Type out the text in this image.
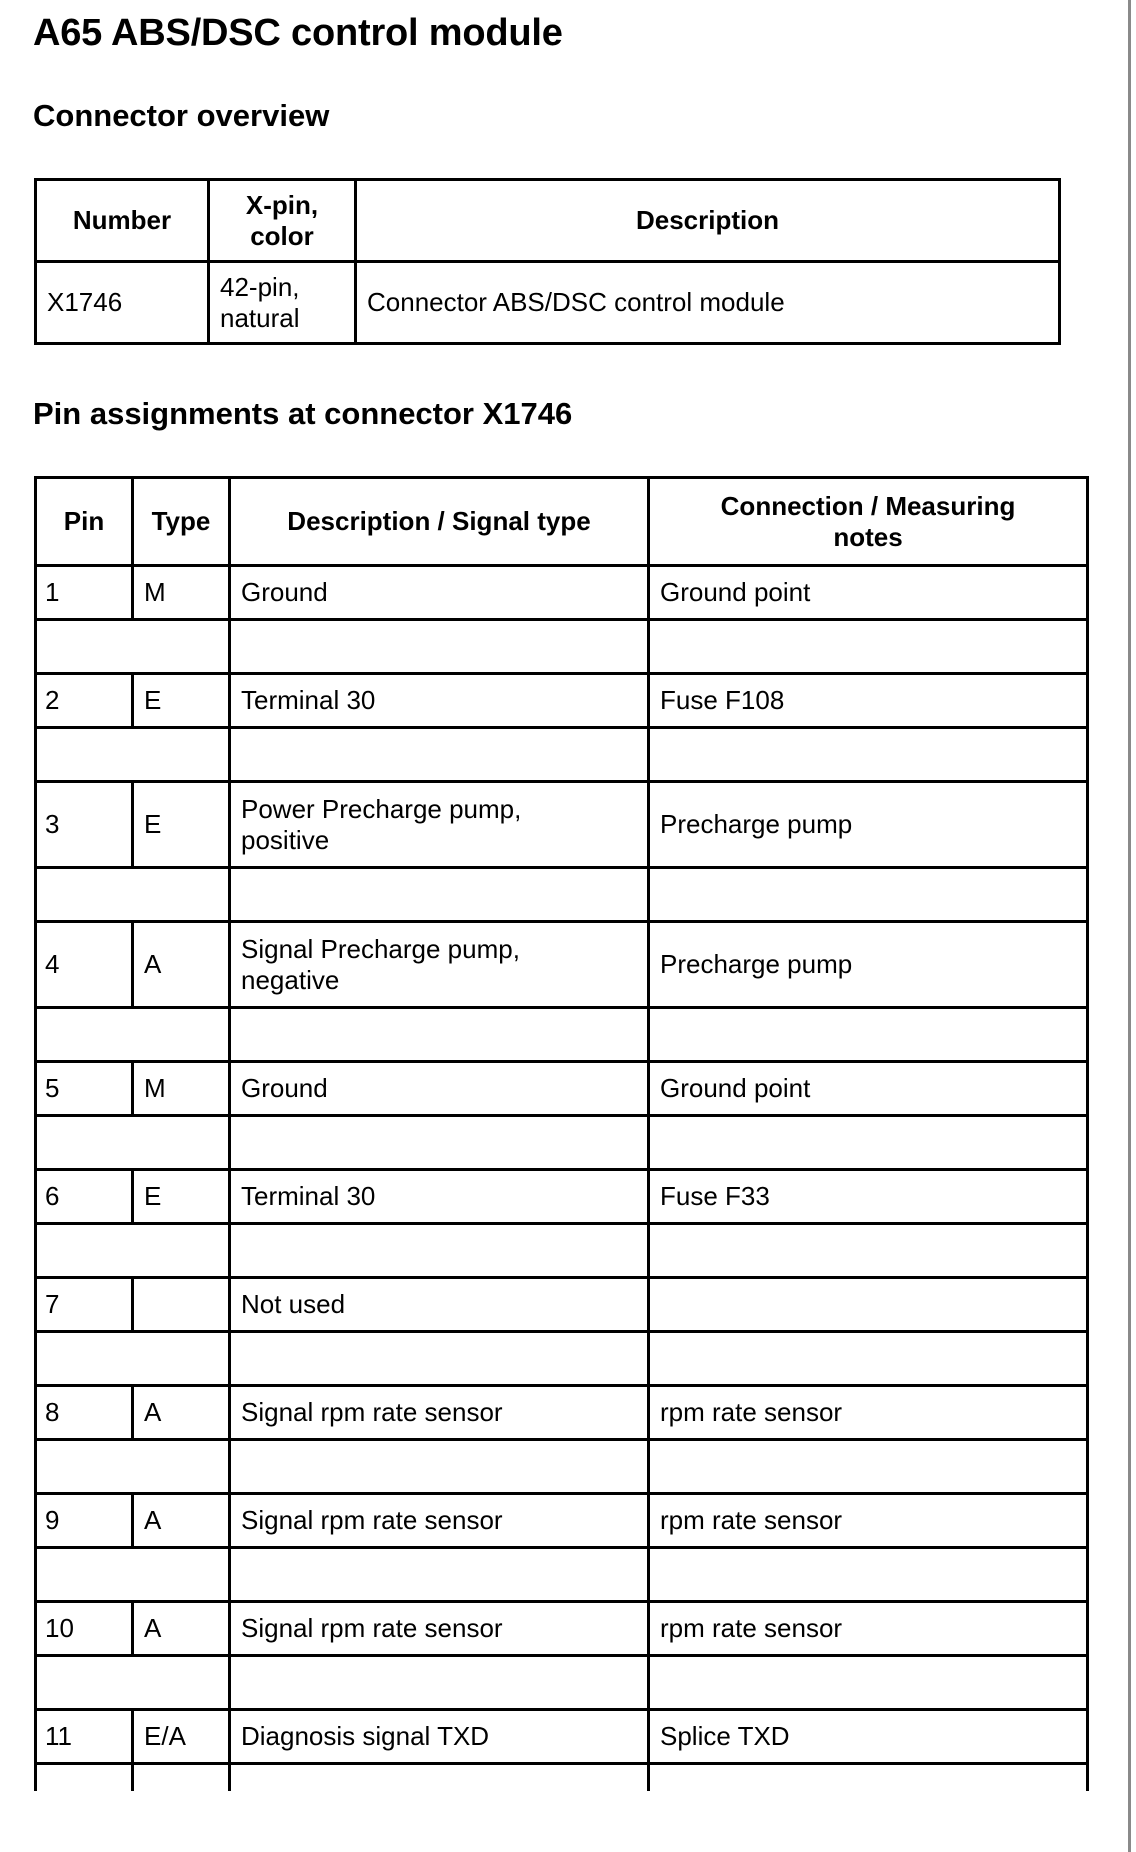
A65 ABS/DSC control module
Connector overview
Number	X-pin, color	Description
X1746	42-pin, natural	Connector ABS/DSC control module
Pin assignments at connector X1746
Pin	Type	Description / Signal type	Connection / Measuring notes
1	M	Ground	Ground point

2	E	Terminal 30	Fuse F108

3	E	Power Precharge pump, positive	Precharge pump

4	A	Signal Precharge pump, negative	Precharge pump

5	M	Ground	Ground point

6	E	Terminal 30	Fuse F33

7		Not used	

8	A	Signal rpm rate sensor	rpm rate sensor

9	A	Signal rpm rate sensor	rpm rate sensor

10	A	Signal rpm rate sensor	rpm rate sensor

11	E/A	Diagnosis signal TXD	Splice TXD
